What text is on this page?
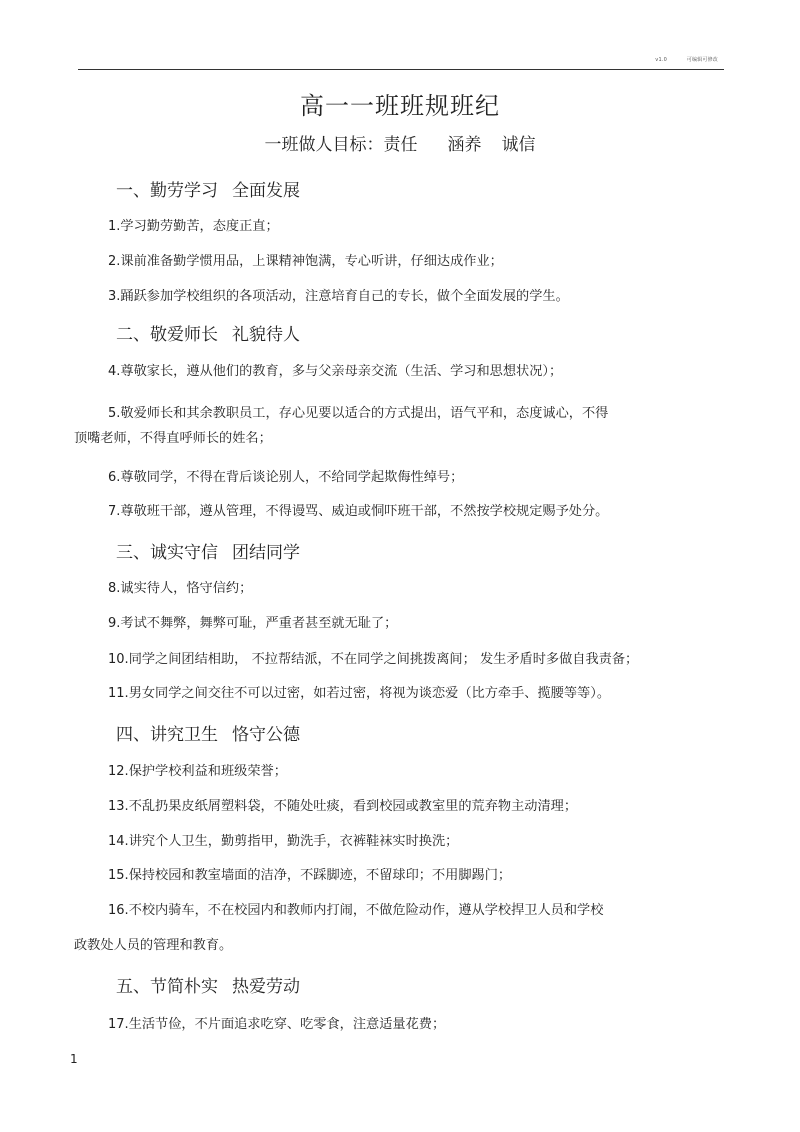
v1.0	可编辑可修改
高一一班班规班纪
一班做人目标：责任 涵养 诚信
一、勤劳学习 全面发展
1.学习勤劳勤苦，态度正直；
2.课前准备勤学惯用品，上课精神饱满，专心听讲，仔细达成作业；
3.踊跃参加学校组织的各项活动，注意培育自己的专长，做个全面发展的学生。
二、敬爱师长 礼貌待人
4.尊敬家长，遵从他们的教育，多与父亲母亲交流（生活、学习和思想状况）；
5.敬爱师长和其余教职员工，存心见要以适合的方式提出，语气平和，态度诚心，不得
顶嘴老师，不得直呼师长的姓名；
6.尊敬同学，不得在背后谈论别人，不给同学起欺侮性绰号；
7.尊敬班干部，遵从管理，不得谩骂、威迫或恫吓班干部，不然按学校规定赐予处分。
三、诚实守信 团结同学
8.诚实待人，恪守信约；
9.考试不舞弊，舞弊可耻，严重者甚至就无耻了；
10.同学之间团结相助， 不拉帮结派，不在同学之间挑拨离间； 发生矛盾时多做自我责备；
11.男女同学之间交往不可以过密，如若过密，将视为谈恋爱（比方牵手、揽腰等等）。
四、讲究卫生 恪守公德
12.保护学校利益和班级荣誉；
13.不乱扔果皮纸屑塑料袋，不随处吐痰，看到校园或教室里的荒弃物主动清理；
14.讲究个人卫生，勤剪指甲，勤洗手，衣裤鞋袜实时换洗；
15.保持校园和教室墙面的洁净，不踩脚迹，不留球印；不用脚踢门；
16.不校内骑车，不在校园内和教师内打闹，不做危险动作，遵从学校捍卫人员和学校
政教处人员的管理和教育。
五、节简朴实 热爱劳动
17.生活节俭，不片面追求吃穿、吃零食，注意适量花费；
1
